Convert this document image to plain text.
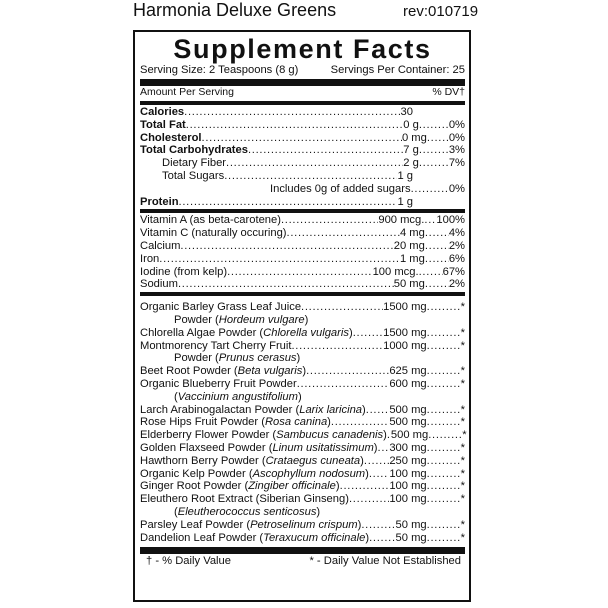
Harmonia Deluxe Greens	rev:010719
Supplement Facts
Serving Size: 2 Teaspoons (8 g)	Servings Per Container: 25
Amount Per Serving	% DV†
Calories . . .	30
Total Fat . . .	0 g . . .	0%
Cholesterol . . .	0 mg . . . 0%
Total Carbohydrates . . .	7 g . . .	3%
Dietary Fiber . . .	2 g . . .	7%
Total Sugars . . .	1 g
Includes 0g of added sugars . . .	0%
Protein . . .	1 g
Vitamin A (as beta-carotene) . . .	900 mcg. . . . 100%
Vitamin C (naturally occuring) . . .	4 mg . . . 4%
Calcium . . .	20 mg . . . 2%
Iron . . .	1 mg . . . 6%
Iodine (from kelp) . . .	100 mcg. . . . 67%
Sodium . . .	50 mg . . . 2%
Organic Barley Grass Leaf Juice . . .	1500 mg . . .	*
Powder (Hordeum vulgare)
Chlorella Algae Powder (Chlorella vulgaris) . . .	1500 mg . . .	*
Montmorency Tart Cherry Fruit . . .	1000 mg . . .	*
Powder (Prunus cerasus)
Beet Root Powder (Beta vulgaris) . . .	625 mg . . .	*
Organic Blueberry Fruit Powder . . .	600 mg . . .	*
(Vaccinium angustifolium)
Larch Arabinogalactan Powder (Larix laricina) . . . 500 mg . . .	*
Rose Hips Fruit Powder (Rosa canina) . . .	500 mg . . .	*
Elderberry Flower Powder (Sambucus canadenis) . . . 500 mg . . .	*
Golden Flaxseed Powder (Linum usitatissimum) . . . 300 mg . . .	*
Hawthorn Berry Powder (Crataegus cuneata) . . . 250 mg . . .	*
Organic Kelp Powder (Ascophyllum nodosum) . . . 100 mg . . .	*
Ginger Root Powder (Zingiber officinale) . . .	100 mg . . .	*
Eleuthero Root Extract (Siberian Ginseng) . . .	100 mg . . .	*
(Eleutherococcus senticosus)
Parsley Leaf Powder (Petroselinum crispum) . . .	50 mg . . .	*
Dandelion Leaf Powder (Teraxucum officinale) . . . 50 mg . . .	*
† - % Daily Value	* - Daily Value Not Established
